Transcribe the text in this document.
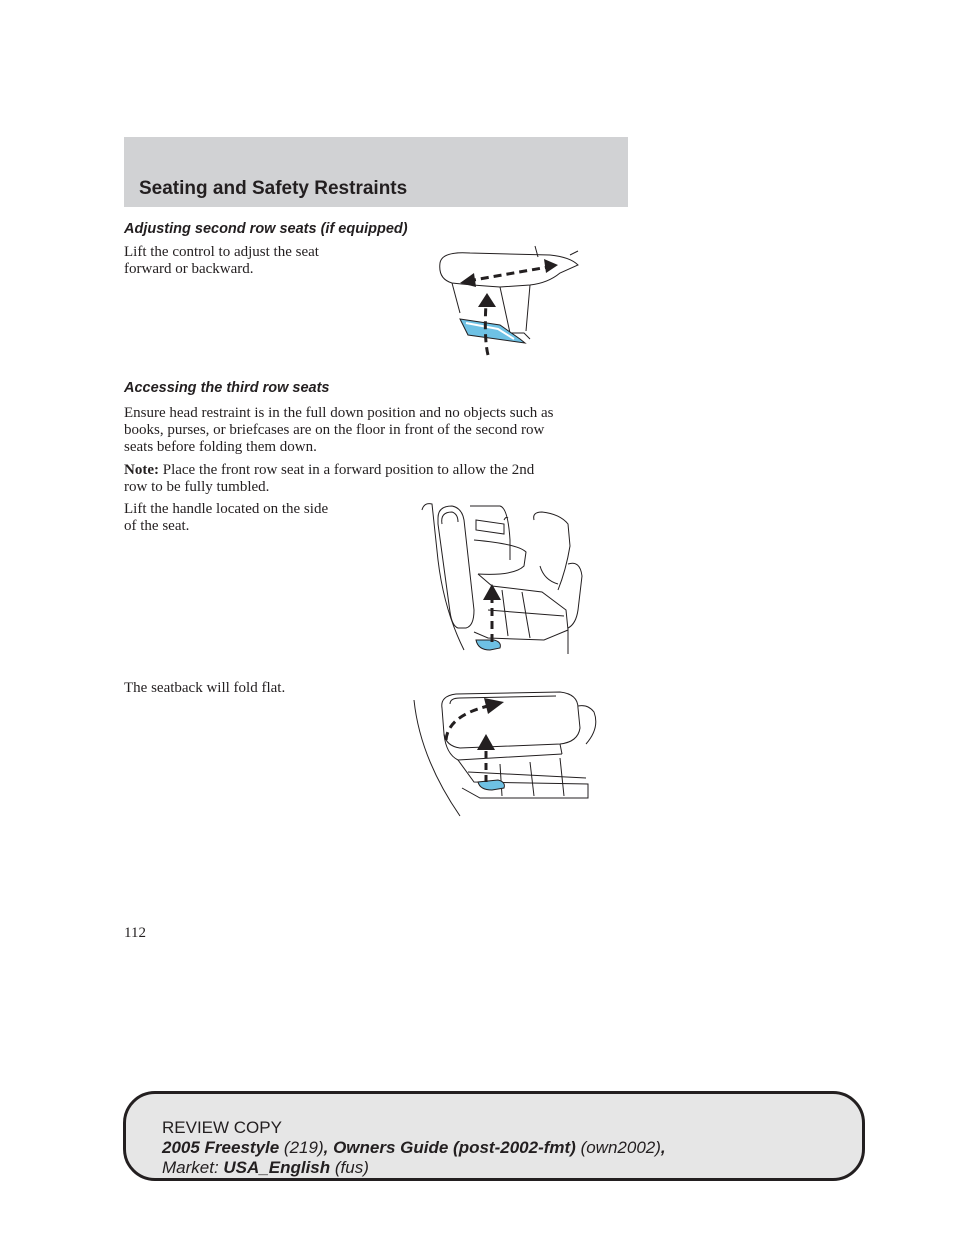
Seating and Safety Restraints
Adjusting second row seats (if equipped)
Lift the control to adjust the seat
forward or backward.
Accessing the third row seats
Ensure head restraint is in the full down position and no objects such as
books, purses, or briefcases are on the floor in front of the second row
seats before folding them down.
Note: Place the front row seat in a forward position to allow the 2nd
row to be fully tumbled.
Lift the handle located on the side
of the seat.
The seatback will fold flat.
112
REVIEW COPY
2005 Freestyle (219), Owners Guide (post-2002-fmt) (own2002),
Market: USA_English (fus)
